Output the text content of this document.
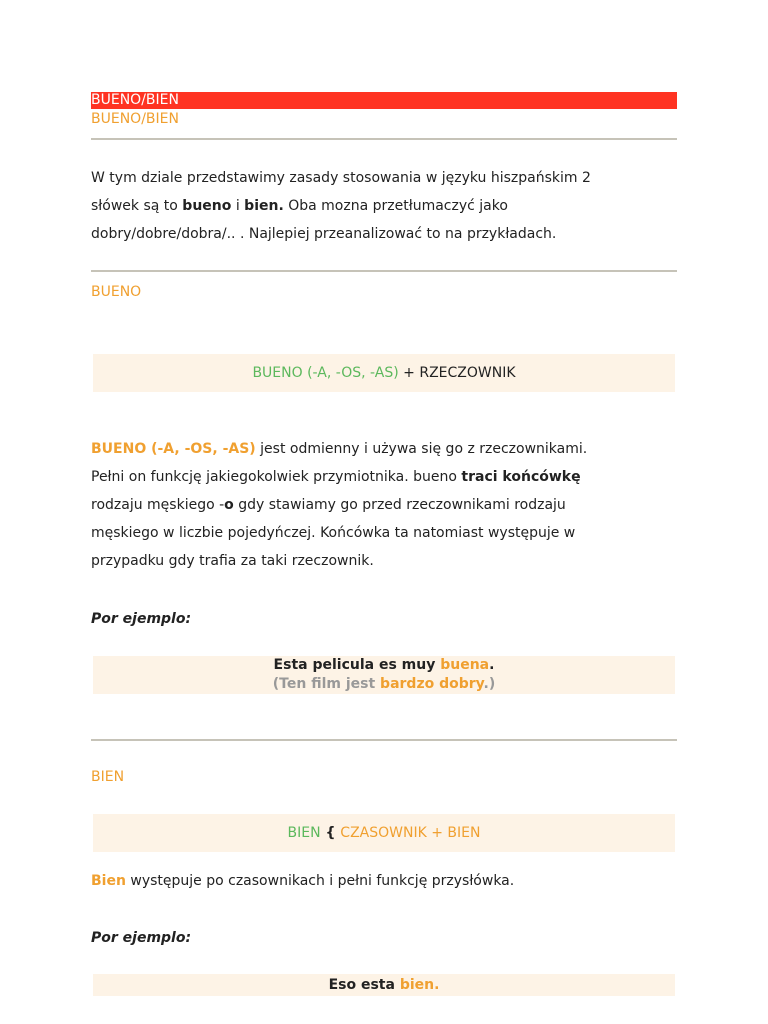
BUENO/BIEN
BUENO/BIEN
W tym dziale przedstawimy zasady stosowania w języku hiszpańskim 2
słówek są to bueno i bien. Oba mozna przetłumaczyć jako
dobry/dobre/dobra/.. . Najlepiej przeanalizować to na przykładach.
BUENO
BUENO (-A, -OS, -AS) + RZECZOWNIK
BUENO (-A, -OS, -AS) jest odmienny i używa się go z rzeczownikami.
Pełni on funkcję jakiegokolwiek przymiotnika. bueno traci końcówkę
rodzaju męskiego -o gdy stawiamy go przed rzeczownikami rodzaju
męskiego w liczbie pojedyńczej. Końcówka ta natomiast występuje w
przypadku gdy trafia za taki rzeczownik.
Por ejemplo:
Esta pelicula es muy buena.
(Ten film jest bardzo dobry.)
BIEN
BIEN { CZASOWNIK + BIEN
Bien występuje po czasownikach i pełni funkcję przysłówka.
Por ejemplo:
Eso esta bien.
